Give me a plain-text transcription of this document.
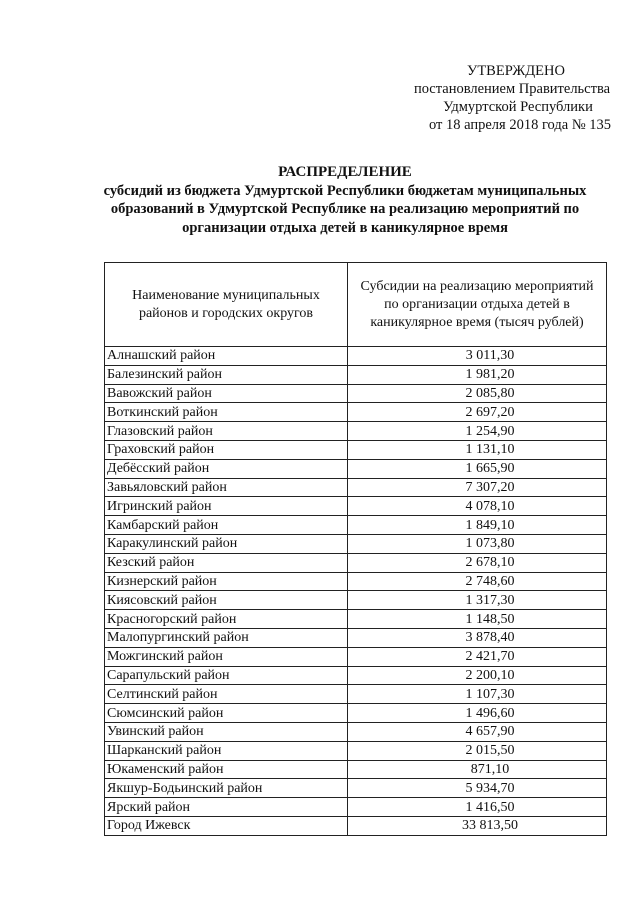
УТВЕРЖДЕНО
постановлением Правительства
Удмуртской Республики
от 18 апреля 2018 года № 135
РАСПРЕДЕЛЕНИЕ
субсидий из бюджета Удмуртской Республики бюджетам муниципальных
образований в Удмуртской Республике на реализацию мероприятий по
организации отдыха детей в каникулярное время
Наименование муниципальных районов и городских округов	Субсидии на реализацию мероприятий по организации отдыха детей в каникулярное время (тысяч рублей)
Алнашский район	3 011,30
Балезинский район	1 981,20
Вавожский район	2 085,80
Воткинский район	2 697,20
Глазовский район	1 254,90
Граховский район	1 131,10
Дебёсский район	1 665,90
Завьяловский район	7 307,20
Игринский район	4 078,10
Камбарский район	1 849,10
Каракулинский район	1 073,80
Кезский район	2 678,10
Кизнерский район	2 748,60
Киясовский район	1 317,30
Красногорский район	1 148,50
Малопургинский район	3 878,40
Можгинский район	2 421,70
Сарапульский район	2 200,10
Селтинский район	1 107,30
Сюмсинский район	1 496,60
Увинский район	4 657,90
Шарканский район	2 015,50
Юкаменский район	871,10
Якшур-Бодьинский район	5 934,70
Ярский район	1 416,50
Город Ижевск	33 813,50
